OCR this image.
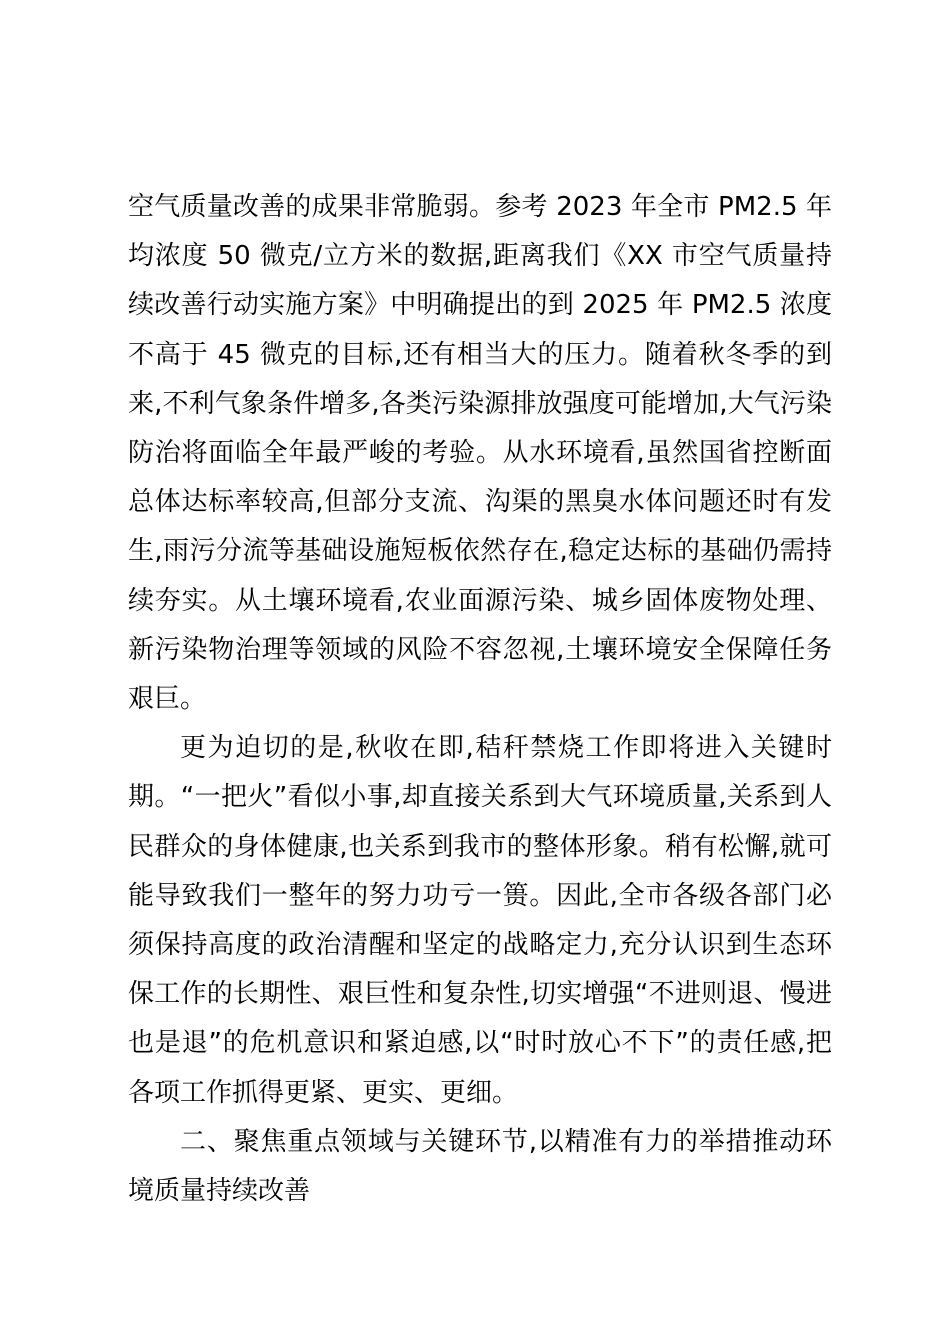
空气质量改善的成果非常脆弱。参考 2023 年全市 PM2.5 年均浓度 50 微克/立方米的数据,距离我们《XX 市空气质量持续改善行动实施方案》中明确提出的到 2025 年 PM2.5 浓度不高于 45 微克的目标,还有相当大的压力。随着秋冬季的到来,不利气象条件增多,各类污染源排放强度可能增加,大气污染防治将面临全年最严峻的考验。从水环境看,虽然国省控断面总体达标率较高,但部分支流、沟渠的黑臭水体问题还时有发生,雨污分流等基础设施短板依然存在,稳定达标的基础仍需持续夯实。从土壤环境看,农业面源污染、城乡固体废物处理、新污染物治理等领域的风险不容忽视,土壤环境安全保障任务艰巨。

更为迫切的是,秋收在即,秸秆禁烧工作即将进入关键时期。“一把火”看似小事,却直接关系到大气环境质量,关系到人民群众的身体健康,也关系到我市的整体形象。稍有松懈,就可能导致我们一整年的努力功亏一篑。因此,全市各级各部门必须保持高度的政治清醒和坚定的战略定力,充分认识到生态环保工作的长期性、艰巨性和复杂性,切实增强“不进则退、慢进也是退”的危机意识和紧迫感,以“时时放心不下”的责任感,把各项工作抓得更紧、更实、更细。

二、聚焦重点领域与关键环节,以精准有力的举措推动环境质量持续改善
